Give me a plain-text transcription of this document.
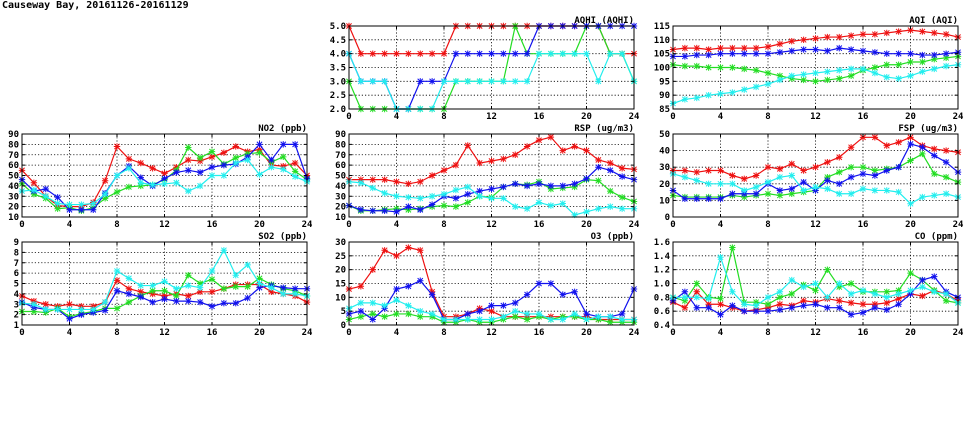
Causeway Bay, 20161126-20161129
0	4	8	12	16	20	24
2.0
2.5
3.0
3.5
4.0
4.5
5.0
AQHI (AQHI)
0	4	8	12	16	20	24
85
90
95
100
105
110
115
AQI (AQI)
0	4	8	12	16	20	24
10
20
30
40
50
60
70
80
90
NO2 (ppb)
0	4	8	12	16	20	24
10
20
30
40
50
60
70
80
90
RSP (ug/m3)
0	4	8	12	16	20	24
0
10
20
30
40
50
FSP (ug/m3)
0	4	8	12	16	20	24
1
2
3
4
5
6
7
8
9
SO2 (ppb)
0	4	8	12	16	20	24
0
5
10
15
20
25
30
O3 (ppb)
0	4	8	12	16	20	24
0.4
0.6
0.8
1.0
1.2
1.4
1.6
CO (ppm)
